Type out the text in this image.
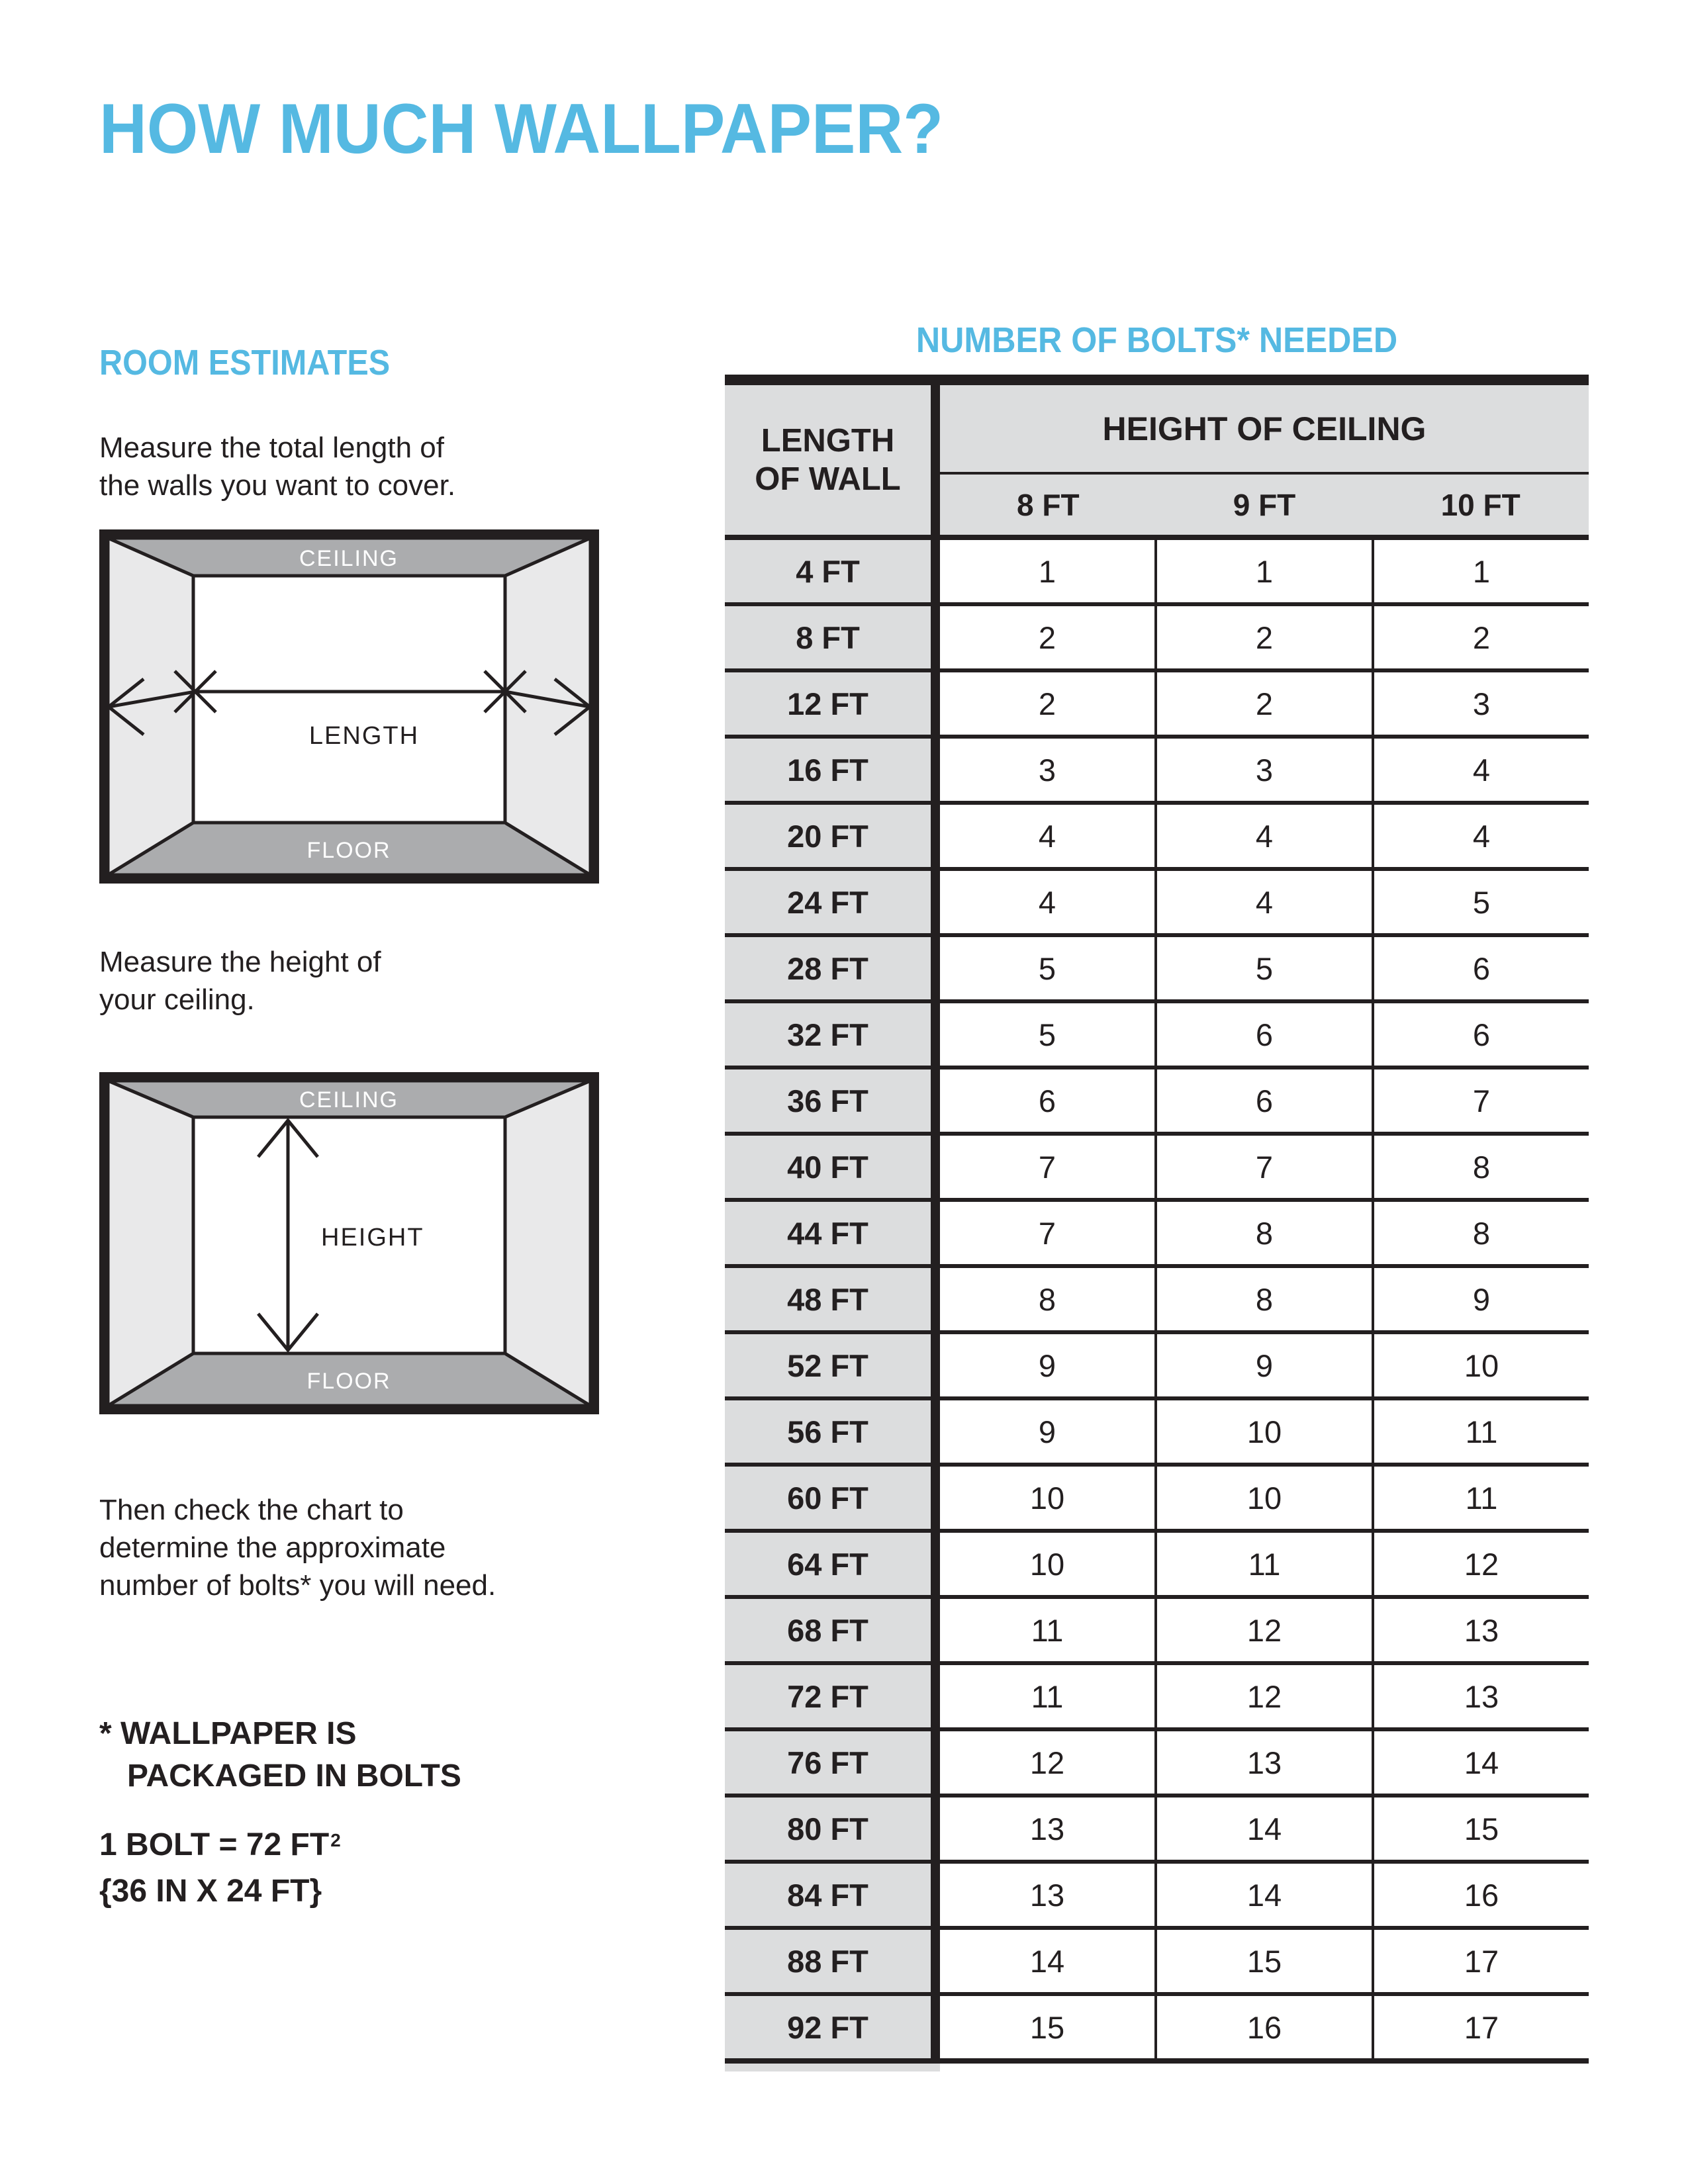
HOW MUCH WALLPAPER?
ROOM ESTIMATES
Measure the total length of
the walls you want to cover.
CEILING
FLOOR
LENGTH
Measure the height of
your ceiling.
CEILING
FLOOR
HEIGHT
Then check the chart to
determine the approximate
number of bolts* you will need.
* WALLPAPER IS
PACKAGED IN BOLTS
1 BOLT = 72 $FT^2$
{36 IN X 24 FT}
NUMBER OF BOLTS* NEEDED
LENGTH
OF WALL
HEIGHT OF CEILING
8 FT	9 FT	10 FT
4 FT	1	1	1
8 FT	2	2	2
12 FT	2	2	3
16 FT	3	3	4
20 FT	4	4	4
24 FT	4	4	5
28 FT	5	5	6
32 FT	5	6	6
36 FT	6	6	7
40 FT	7	7	8
44 FT	7	8	8
48 FT	8	8	9
52 FT	9	9	10
56 FT	9	10	11
60 FT	10	10	11
64 FT	10	11	12
68 FT	11	12	13
72 FT	11	12	13
76 FT	12	13	14
80 FT	13	14	15
84 FT	13	14	16
88 FT	14	15	17
92 FT	15	16	17
